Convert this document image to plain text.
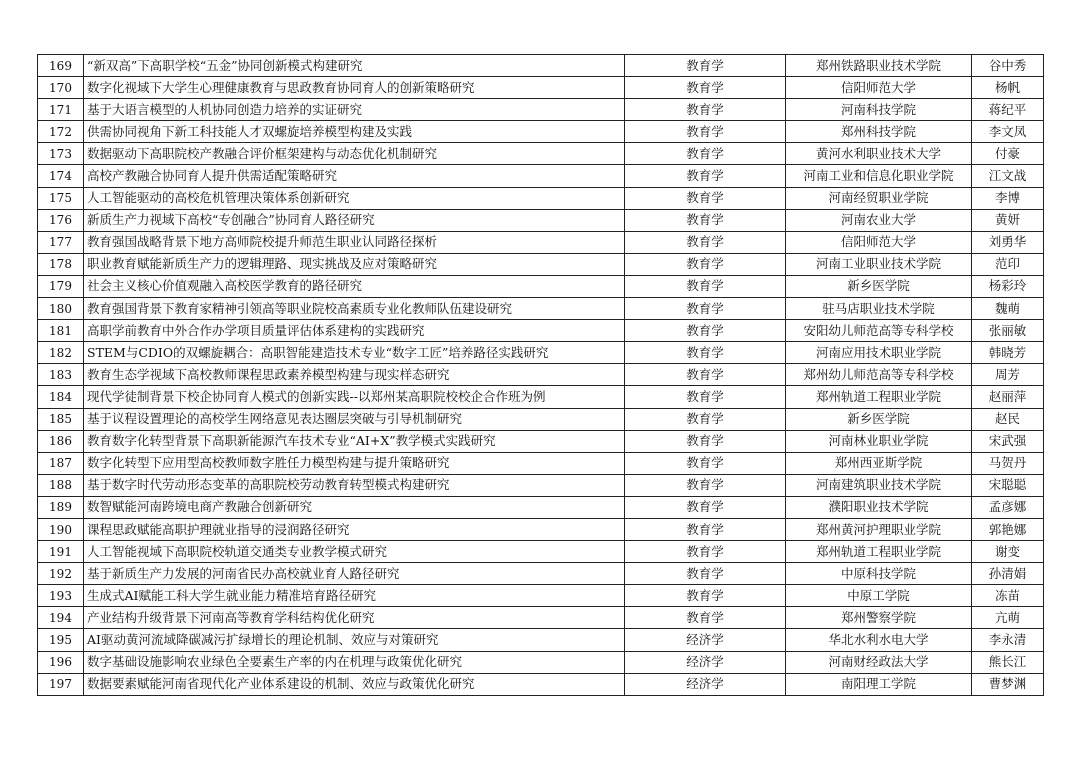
169	“新双高”下高职学校“五金”协同创新模式构建研究	教育学	郑州铁路职业技术学院	谷中秀
170	数字化视域下大学生心理健康教育与思政教育协同育人的创新策略研究	教育学	信阳师范大学	杨帆
171	基于大语言模型的人机协同创造力培养的实证研究	教育学	河南科技学院	蒋纪平
172	供需协同视角下新工科技能人才双螺旋培养模型构建及实践	教育学	郑州科技学院	李文凤
173	数据驱动下高职院校产教融合评价框架建构与动态优化机制研究	教育学	黄河水利职业技术大学	付豪
174	高校产教融合协同育人提升供需适配策略研究	教育学	河南工业和信息化职业学院	江文战
175	人工智能驱动的高校危机管理决策体系创新研究	教育学	河南经贸职业学院	李博
176	新质生产力视域下高校“专创融合”协同育人路径研究	教育学	河南农业大学	黄妍
177	教育强国战略背景下地方高师院校提升师范生职业认同路径探析	教育学	信阳师范大学	刘勇华
178	职业教育赋能新质生产力的逻辑理路、现实挑战及应对策略研究	教育学	河南工业职业技术学院	范印
179	社会主义核心价值观融入高校医学教育的路径研究	教育学	新乡医学院	杨彩玲
180	教育强国背景下教育家精神引领高等职业院校高素质专业化教师队伍建设研究	教育学	驻马店职业技术学院	魏萌
181	高职学前教育中外合作办学项目质量评估体系建构的实践研究	教育学	安阳幼儿师范高等专科学校	张丽敏
182	STEM与CDIO的双螺旋耦合：高职智能建造技术专业“数字工匠”培养路径实践研究	教育学	河南应用技术职业学院	韩晓芳
183	教育生态学视域下高校教师课程思政素养模型构建与现实样态研究	教育学	郑州幼儿师范高等专科学校	周芳
184	现代学徒制背景下校企协同育人模式的创新实践--以郑州某高职院校校企合作班为例	教育学	郑州轨道工程职业学院	赵丽萍
185	基于议程设置理论的高校学生网络意见表达圈层突破与引导机制研究	教育学	新乡医学院	赵民
186	教育数字化转型背景下高职新能源汽车技术专业“AI+X”教学模式实践研究	教育学	河南林业职业学院	宋武强
187	数字化转型下应用型高校教师数字胜任力模型构建与提升策略研究	教育学	郑州西亚斯学院	马贺丹
188	基于数字时代劳动形态变革的高职院校劳动教育转型模式构建研究	教育学	河南建筑职业技术学院	宋聪聪
189	数智赋能河南跨境电商产教融合创新研究	教育学	濮阳职业技术学院	孟彦娜
190	课程思政赋能高职护理就业指导的浸润路径研究	教育学	郑州黄河护理职业学院	郭艳娜
191	人工智能视域下高职院校轨道交通类专业教学模式研究	教育学	郑州轨道工程职业学院	谢变
192	基于新质生产力发展的河南省民办高校就业育人路径研究	教育学	中原科技学院	孙清娟
193	生成式AI赋能工科大学生就业能力精准培育路径研究	教育学	中原工学院	冻苗
194	产业结构升级背景下河南高等教育学科结构优化研究	教育学	郑州警察学院	亢萌
195	AI驱动黄河流域降碳减污扩绿增长的理论机制、效应与对策研究	经济学	华北水利水电大学	李永清
196	数字基础设施影响农业绿色全要素生产率的内在机理与政策优化研究	经济学	河南财经政法大学	熊长江
197	数据要素赋能河南省现代化产业体系建设的机制、效应与政策优化研究	经济学	南阳理工学院	曹梦渊
